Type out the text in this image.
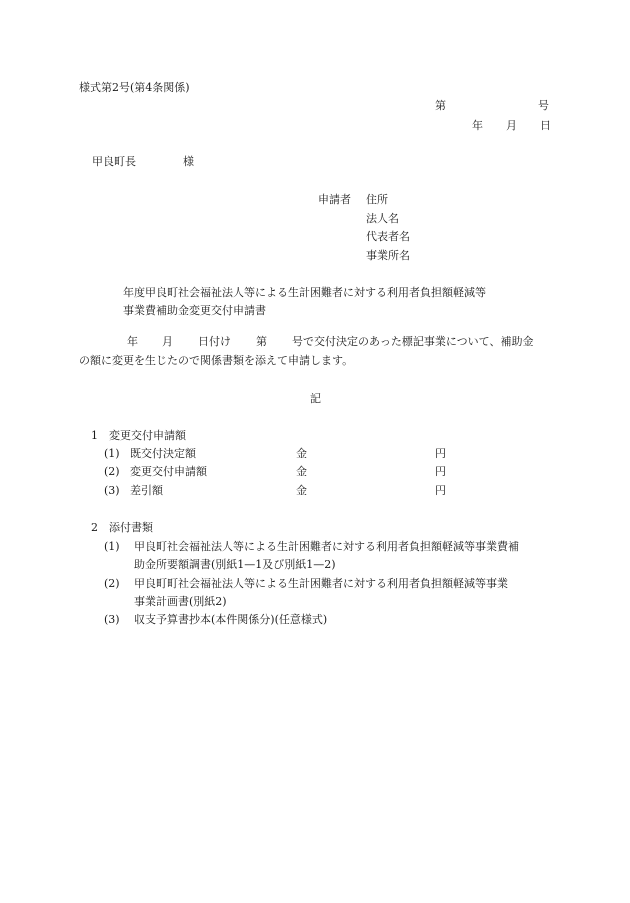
様式第2号(第4条関係)
第	号
年 月 日
甲良町長	様
申請者 住所
法人名
代表者名
事業所名
年度甲良町社会福祉法人等による生計困難者に対する利用者負担額軽減等
事業費補助金変更交付申請書
年 月 日付け 第 号で交付決定のあった標記事業について、補助金
の額に変更を生じたので関係書類を添えて申請します。
記
1　変更交付申請額
(1) 既交付決定額	金	円
(2) 変更交付申請額	金	円
(3) 差引額	金	円
2　添付書類
(1) 甲良町社会福祉法人等による生計困難者に対する利用者負担額軽減等事業費補
助金所要額調書(別紙1—1及び別紙1—2)
(2) 甲良町町社会福祉法人等による生計困難者に対する利用者負担額軽減等事業
事業計画書(別紙2)
(3) 収支予算書抄本(本件関係分)(任意様式)
